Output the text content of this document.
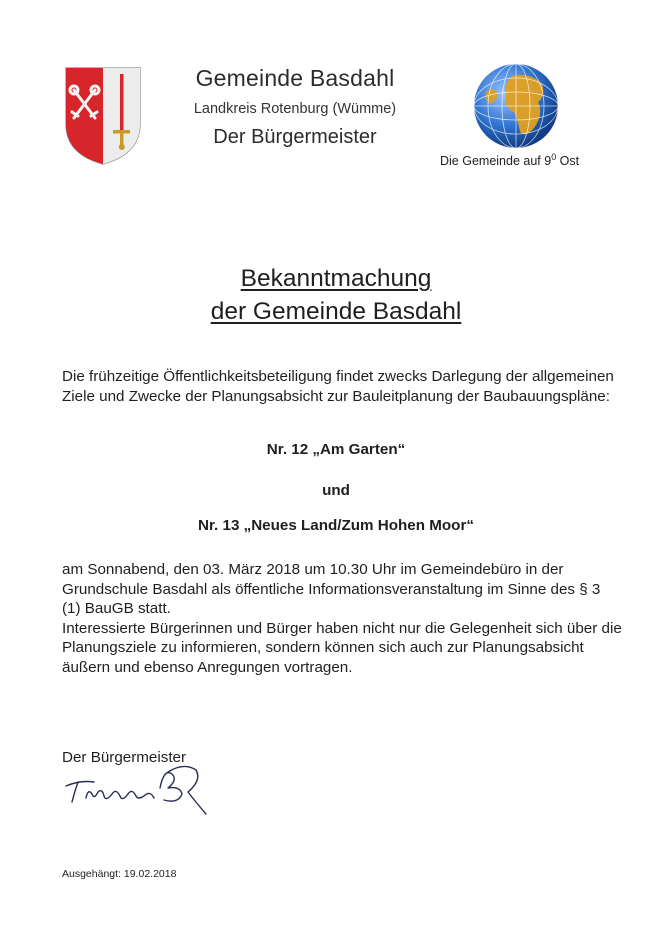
Gemeinde Basdahl
Landkreis Rotenburg (Wümme)
Der Bürgermeister
Die Gemeinde auf $9^0$ Ost
Bekanntmachung
der Gemeinde Basdahl
Die frühzeitige Öffentlichkeitsbeteiligung findet zwecks Darlegung der allgemeinen Ziele und Zwecke der Planungsabsicht zur Bauleitplanung der Baubauungspläne:
Nr. 12 „Am Garten“
und
Nr. 13 „Neues Land/Zum Hohen Moor“
am Sonnabend, den 03. März 2018 um 10.30 Uhr im Gemeindebüro in der Grundschule Basdahl als öffentliche Informationsveranstaltung im Sinne des § 3 (1) BauGB statt.
Interessierte Bürgerinnen und Bürger haben nicht nur die Gelegenheit sich über die Planungsziele zu informieren, sondern können sich auch zur Planungsabsicht äußern und ebenso Anregungen vortragen.
Der Bürgermeister
Ausgehängt: 19.02.2018
